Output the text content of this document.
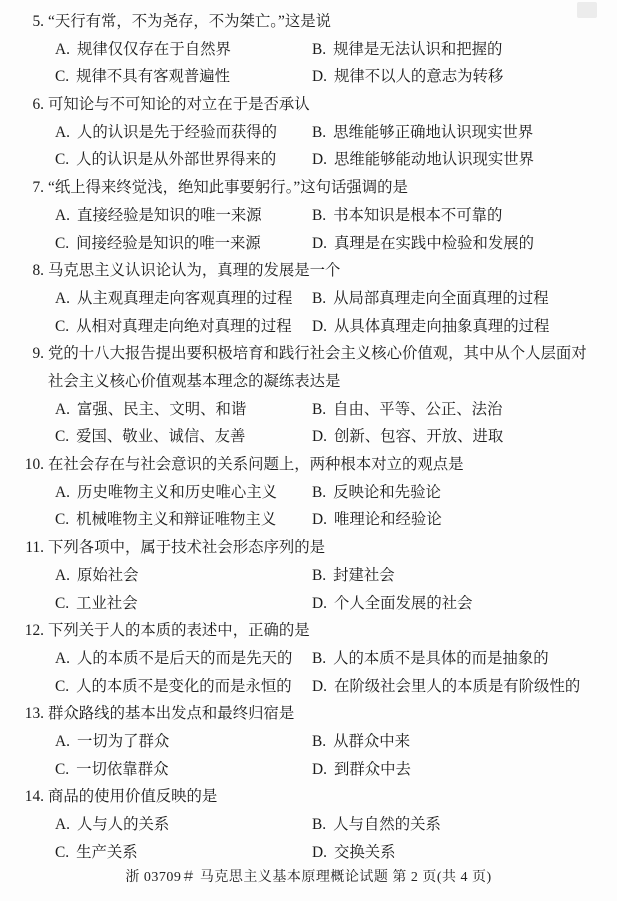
5. “天行有常，不为尧存，不为桀亡。”这是说
A. 规律仅仅存在于自然界	B. 规律是无法认识和把握的
C. 规律不具有客观普遍性	D. 规律不以人的意志为转移
6. 可知论与不可知论的对立在于是否承认
A. 人的认识是先于经验而获得的 B. 思维能够正确地认识现实世界
C. 人的认识是从外部世界得来的 D. 思维能够能动地认识现实世界
7. “纸上得来终觉浅，绝知此事要躬行。”这句话强调的是
A. 直接经验是知识的唯一来源	B. 书本知识是根本不可靠的
C. 间接经验是知识的唯一来源	D. 真理是在实践中检验和发展的
8. 马克思主义认识论认为，真理的发展是一个
A. 从主观真理走向客观真理的过程 B. 从局部真理走向全面真理的过程
C. 从相对真理走向绝对真理的过程 D. 从具体真理走向抽象真理的过程
9. 党的十八大报告提出要积极培育和践行社会主义核心价值观，其中从个人层面对社会主义核心价值观基本理念的凝练表达是
A. 富强、民主、文明、和谐	B. 自由、平等、公正、法治
C. 爱国、敬业、诚信、友善	D. 创新、包容、开放、进取
10. 在社会存在与社会意识的关系问题上，两种根本对立的观点是
A. 历史唯物主义和历史唯心主义 B. 反映论和先验论
C. 机械唯物主义和辩证唯物主义 D. 唯理论和经验论
11. 下列各项中，属于技术社会形态序列的是
A. 原始社会	B. 封建社会
C. 工业社会	D. 个人全面发展的社会
12. 下列关于人的本质的表述中，正确的是
A. 人的本质不是后天的而是先天的 B. 人的本质不是具体的而是抽象的
C. 人的本质不是变化的而是永恒的 D. 在阶级社会里人的本质是有阶级性的
13. 群众路线的基本出发点和最终归宿是
A. 一切为了群众	B. 从群众中来
C. 一切依靠群众	D. 到群众中去
14. 商品的使用价值反映的是
A. 人与人的关系	B. 人与自然的关系
C. 生产关系	D. 交换关系
浙 03709＃ 马克思主义基本原理概论试题 第 2 页(共 4 页)
